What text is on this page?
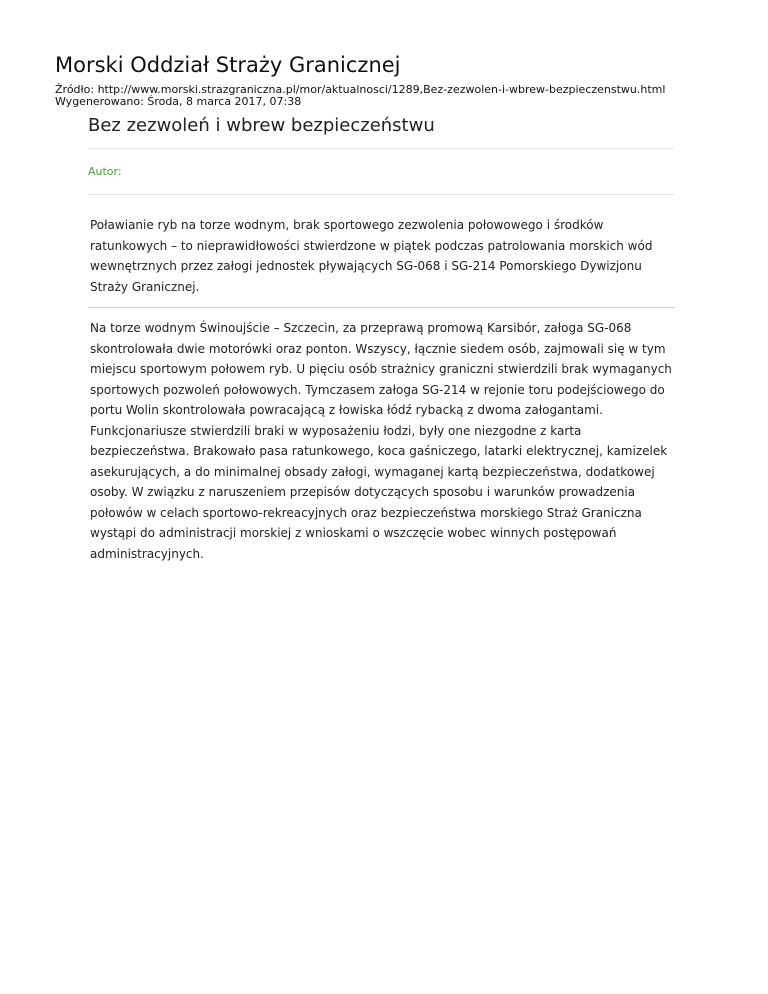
Morski Oddział Straży Granicznej
Źródło: http://www.morski.strazgraniczna.pl/mor/aktualnosci/1289,Bez-zezwolen-i-wbrew-bezpieczenstwu.html
Wygenerowano: Środa, 8 marca 2017, 07:38
Bez zezwoleń i wbrew bezpieczeństwu
Autor:

Poławianie ryb na torze wodnym, brak sportowego zezwolenia połowowego i środków ratunkowych – to nieprawidłowości stwierdzone w piątek podczas patrolowania morskich wód wewnętrznych przez załogi jednostek pływających SG-068 i SG-214 Pomorskiego Dywizjonu Straży Granicznej.

Na torze wodnym Świnoujście – Szczecin, za przeprawą promową Karsibór, załoga SG-068 skontrolowała dwie motorówki oraz ponton. Wszyscy, łącznie siedem osób, zajmowali się w tym miejscu sportowym połowem ryb. U pięciu osób strażnicy graniczni stwierdzili brak wymaganych sportowych pozwoleń połowowych. Tymczasem załoga SG-214 w rejonie toru podejściowego do portu Wolin skontrolowała powracającą z łowiska łódź rybacką z dwoma załogantami. Funkcjonariusze stwierdzili braki w wyposażeniu łodzi, były one niezgodne z karta bezpieczeństwa. Brakowało pasa ratunkowego, koca gaśniczego, latarki elektrycznej, kamizelek asekurujących, a do minimalnej obsady załogi, wymaganej kartą bezpieczeństwa, dodatkowej osoby. W związku z naruszeniem przepisów dotyczących sposobu i warunków prowadzenia połowów w celach sportowo-rekreacyjnych oraz bezpieczeństwa morskiego Straż Graniczna wystąpi do administracji morskiej z wnioskami o wszczęcie wobec winnych postępowań administracyjnych.
